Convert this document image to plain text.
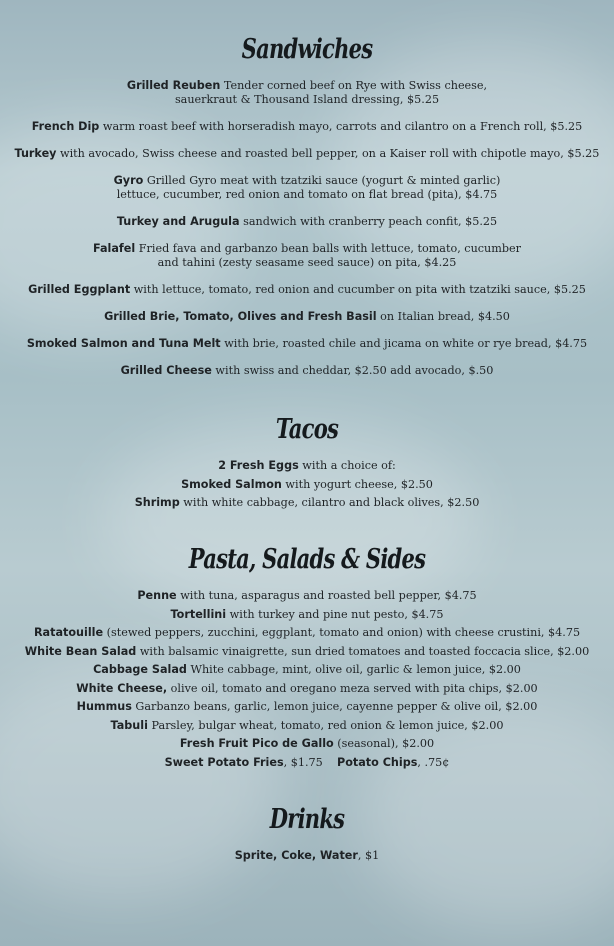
Sandwiches
Grilled Reuben Tender corned beef on Rye with Swiss cheese,
sauerkraut & Thousand Island dressing, $5.25
French Dip warm roast beef with horseradish mayo, carrots and cilantro on a French roll, $5.25
Turkey with avocado, Swiss cheese and roasted bell pepper, on a Kaiser roll with chipotle mayo, $5.25
Gyro Grilled Gyro meat with tzatziki sauce (yogurt & minted garlic)
lettuce, cucumber, red onion and tomato on flat bread (pita), $4.75
Turkey and Arugula sandwich with cranberry peach confit, $5.25
Falafel Fried fava and garbanzo bean balls with lettuce, tomato, cucumber
and tahini (zesty seasame seed sauce) on pita, $4.25
Grilled Eggplant with lettuce, tomato, red onion and cucumber on pita with tzatziki sauce, $5.25
Grilled Brie, Tomato, Olives and Fresh Basil on Italian bread, $4.50
Smoked Salmon and Tuna Melt with brie, roasted chile and jicama on white or rye bread, $4.75
Grilled Cheese with swiss and cheddar, $2.50 add avocado, $.50
Tacos
2 Fresh Eggs with a choice of:
Smoked Salmon with yogurt cheese, $2.50
Shrimp with white cabbage, cilantro and black olives, $2.50
Pasta, Salads & Sides
Penne with tuna, asparagus and roasted bell pepper, $4.75
Tortellini with turkey and pine nut pesto, $4.75
Ratatouille (stewed peppers, zucchini, eggplant, tomato and onion) with cheese crustini, $4.75
White Bean Salad with balsamic vinaigrette, sun dried tomatoes and toasted foccacia slice, $2.00
Cabbage Salad White cabbage, mint, olive oil, garlic & lemon juice, $2.00
White Cheese, olive oil, tomato and oregano meza served with pita chips, $2.00
Hummus Garbanzo beans, garlic, lemon juice, cayenne pepper & olive oil, $2.00
Tabuli Parsley, bulgar wheat, tomato, red onion & lemon juice, $2.00
Fresh Fruit Pico de Gallo (seasonal), $2.00
Sweet Potato Fries, $1.75    Potato Chips, .75¢
Drinks
Sprite, Coke, Water, $1
